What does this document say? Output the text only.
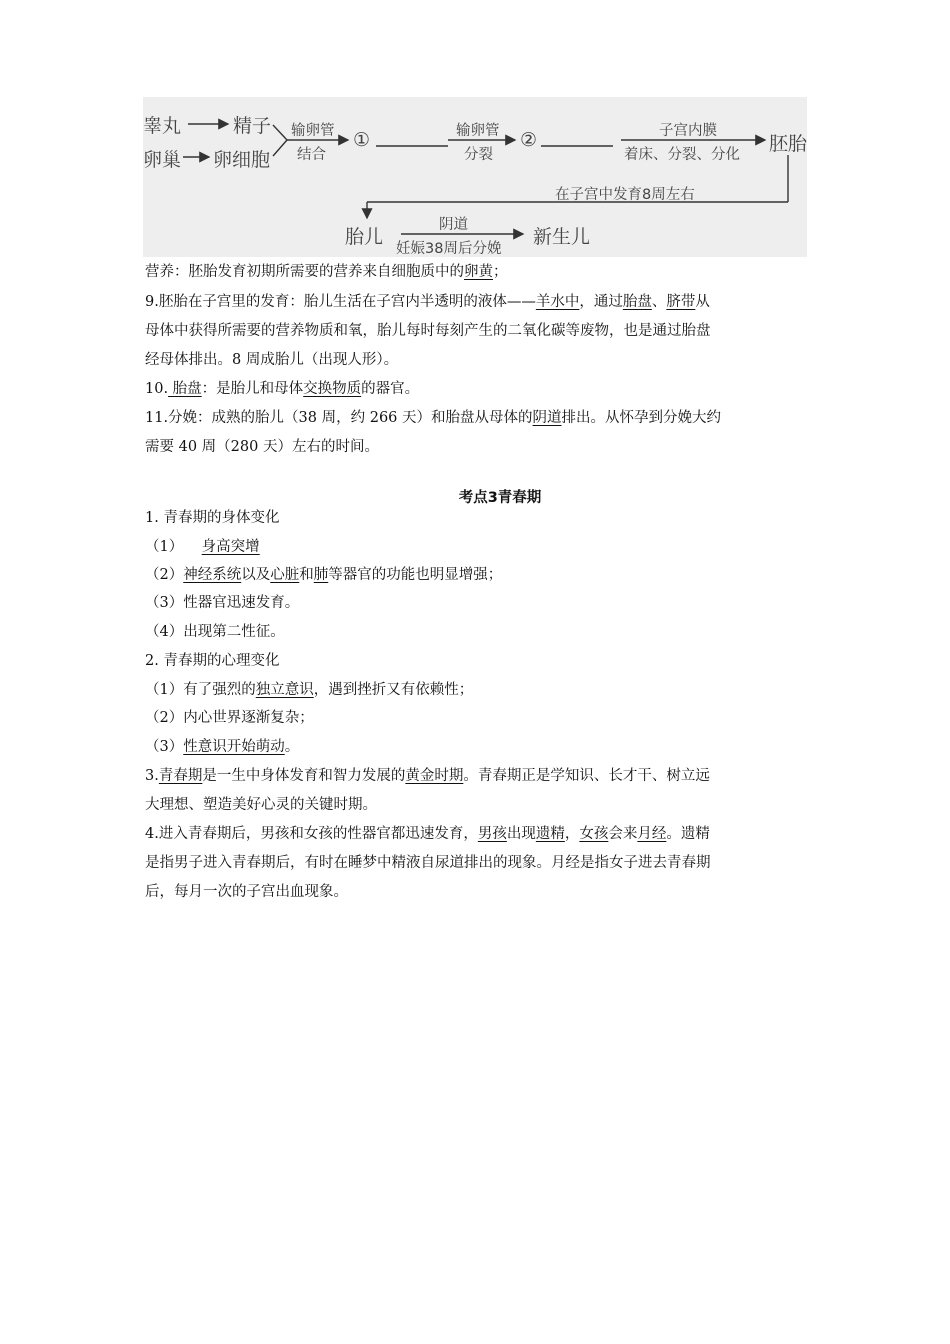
睾丸	精子
卵巢 卵细胞
输卵管
结合
①	输卵管
分裂
②	子宫内膜
着床、分裂、分化 胚胎
在子宫中发育8周左右
胎儿
阴道
妊娠38周后分娩
新生儿
营养：胚胎发育初期所需要的营养来自细胞质中的卵黄；
9.胚胎在子宫里的发育：胎儿生活在子宫内半透明的液体——羊水中，通过胎盘、脐带从
母体中获得所需要的营养物质和氧，胎儿每时每刻产生的二氧化碳等废物，也是通过胎盘
经母体排出。8 周成胎儿（出现人形）。
10. 胎盘：是胎儿和母体交换物质的器官。
11.分娩：成熟的胎儿（38 周，约 266 天）和胎盘从母体的阴道排出。从怀孕到分娩大约
需要 40 周（280 天）左右的时间。
考点3青春期
1. 青春期的身体变化
（1）    身高突增
（2）神经系统以及心脏和肺等器官的功能也明显增强；
（3）性器官迅速发育。
（4）出现第二性征。
2. 青春期的心理变化
（1）有了强烈的独立意识，遇到挫折又有依赖性；
（2）内心世界逐渐复杂；
（3）性意识开始萌动。
3.青春期是一生中身体发育和智力发展的黄金时期。青春期正是学知识、长才干、树立远
大理想、塑造美好心灵的关键时期。
4.进入青春期后，男孩和女孩的性器官都迅速发育，男孩出现遗精，女孩会来月经。遗精
是指男子进入青春期后，有时在睡梦中精液自尿道排出的现象。月经是指女子进去青春期
后，每月一次的子宫出血现象。
